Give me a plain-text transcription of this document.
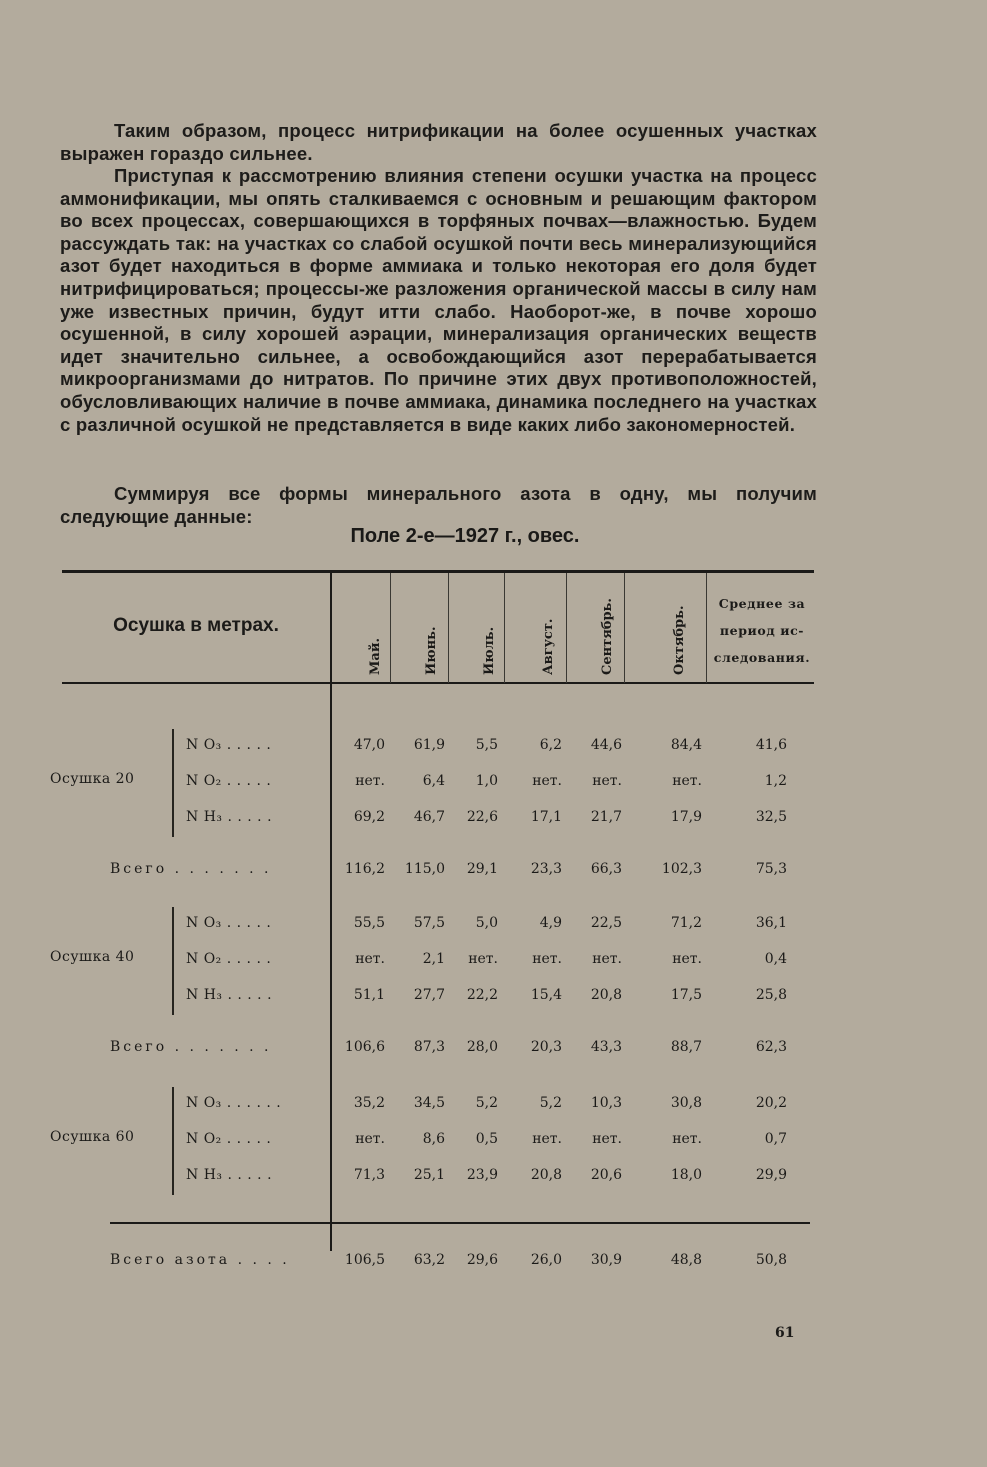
Таким образом, процесс нитрификации на более осушенных участках выражен гораздо сильнее.

Приступая к рассмотрению влияния степени осушки участка на процесс аммонификации, мы опять сталкиваемся с основным и решающим фактором во всех процессах, совершающихся в торфяных почвах—влажностью. Будем рассуждать так: на участках со слабой осушкой почти весь минерализующийся азот будет находиться в форме аммиака и только некоторая его доля будет нитрифицироваться; процессы-же разложения органической массы в силу нам уже известных причин, будут итти слабо. Наоборот-же, в почве хорошо осушенной, в силу хорошей аэрации, минерализация органических веществ идет значительно сильнее, а освобождающийся азот перерабатывается микроорганизмами до нитратов. По причине этих двух противоположностей, обусловливающих наличие в почве аммиака, динамика последнего на участках с различной осушкой не представляется в виде каких либо закономерностей.

Суммируя все формы минерального азота в одну, мы получим следующие данные:

Поле 2-е—1927 г., овес.
Осушка в метрах.
Среднее за
период ис-
следования.
Май.	Июнь.	Июль.	Август.	Сентябрь.	Октябрь.
Осушка 20
N O₃ . . . . .	47,0	61,9	5,5	6,2	44,6	84,4	41,6
N O₂ . . . . .	нет.	6,4	1,0	нет.	нет.	нет.	1,2
N H₃ . . . . .	69,2	46,7	22,6	17,1	21,7	17,9	32,5
Всего . . . . . . .	116,2	115,0	29,1	23,3	66,3	102,3	75,3
Осушка 40
N O₃ . . . . .	55,5	57,5	5,0	4,9	22,5	71,2	36,1
N O₂ . . . . .	нет.	2,1	нет.	нет.	нет.	нет.	0,4
N H₃ . . . . .	51,1	27,7	22,2	15,4	20,8	17,5	25,8
Всего . . . . . . .	106,6	87,3	28,0	20,3	43,3	88,7	62,3
Осушка 60
N O₃ . . . . . .	35,2	34,5	5,2	5,2	10,3	30,8	20,2
N O₂ . . . . .	нет.	8,6	0,5	нет.	нет.	нет.	0,7
N H₃ . . . . .	71,3	25,1	23,9	20,8	20,6	18,0	29,9
Всего азота . . . .	106,5	63,2	29,6	26,0	30,9	48,8	50,8
61
